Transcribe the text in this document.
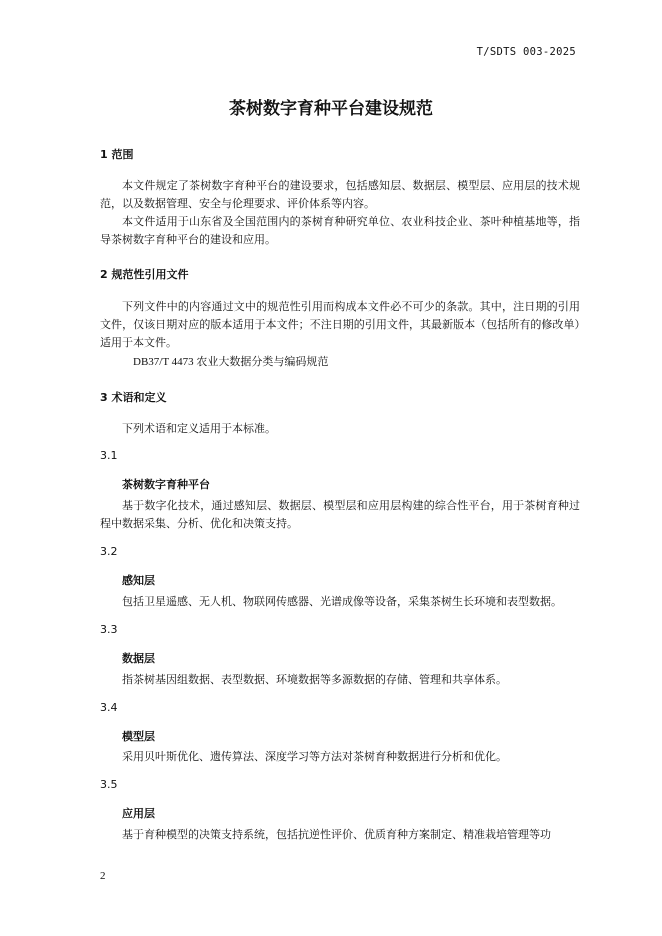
T/SDTS 003-2025
茶树数字育种平台建设规范
1 范围
本文件规定了茶树数字育种平台的建设要求，包括感知层、数据层、模型层、应用层的技术规范，以及数据管理、安全与伦理要求、评价体系等内容。
本文件适用于山东省及全国范围内的茶树育种研究单位、农业科技企业、茶叶种植基地等，指导茶树数字育种平台的建设和应用。
2 规范性引用文件
下列文件中的内容通过文中的规范性引用而构成本文件必不可少的条款。其中，注日期的引用文件，仅该日期对应的版本适用于本文件；不注日期的引用文件，其最新版本（包括所有的修改单）适用于本文件。
DB37/T 4473 农业大数据分类与编码规范
3 术语和定义
下列术语和定义适用于本标准。
3.1
茶树数字育种平台
基于数字化技术，通过感知层、数据层、模型层和应用层构建的综合性平台，用于茶树育种过程中数据采集、分析、优化和决策支持。
3.2
感知层
包括卫星遥感、无人机、物联网传感器、光谱成像等设备，采集茶树生长环境和表型数据。
3.3
数据层
指茶树基因组数据、表型数据、环境数据等多源数据的存储、管理和共享体系。
3.4
模型层
采用贝叶斯优化、遗传算法、深度学习等方法对茶树育种数据进行分析和优化。
3.5
应用层
基于育种模型的决策支持系统，包括抗逆性评价、优质育种方案制定、精准栽培管理等功
2
